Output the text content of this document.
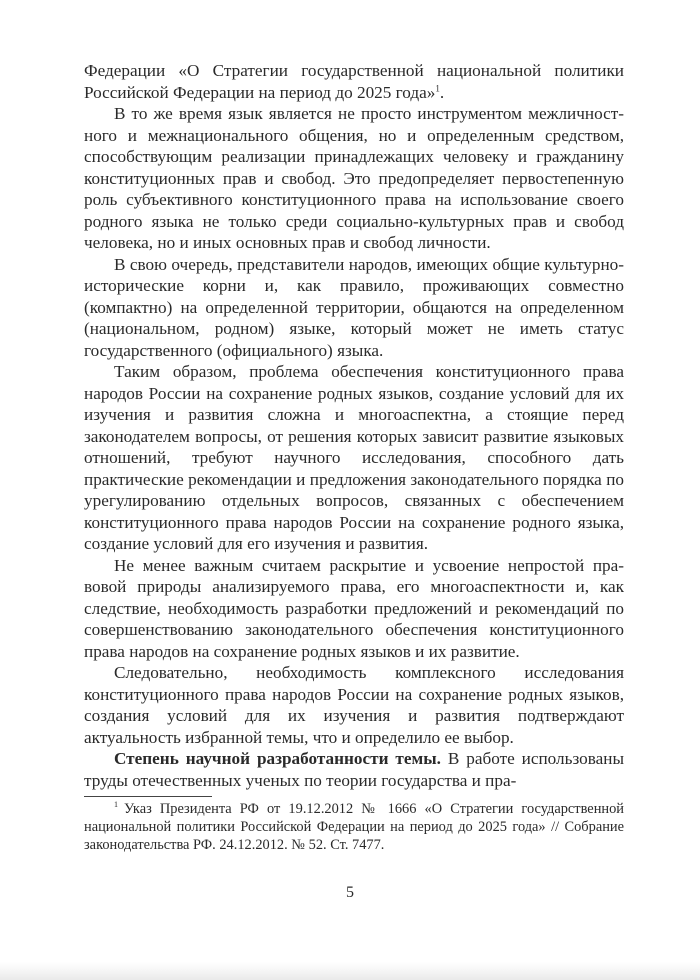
Федерации «О Стратегии государственной национальной политики Российской Федерации на период до 2025 года»$^1$.

В то же время язык является не просто инструментом межличностного и межнационального общения, но и определенным средством, способствующим реализации принадлежащих человеку и гражданину конституционных прав и свобод. Это предопределяет первостепенную роль субъективного конституционного права на использование своего родного языка не только среди социально-культурных прав и свобод человека, но и иных основных прав и свобод личности.

В свою очередь, представители народов, имеющих общие культурно-исторические корни и, как правило, проживающих совместно (компактно) на определенной территории, общаются на определенном (национальном, родном) языке, который может не иметь статус государственного (официального) языка.

Таким образом, проблема обеспечения конституционного права народов России на сохранение родных языков, создание условий для их изучения и развития сложна и многоаспектна, а стоящие перед законодателем вопросы, от решения которых зависит развитие языковых отношений, требуют научного исследования, способного дать практические рекомендации и предложения законодательного порядка по урегулированию отдельных вопросов, связанных с обеспечением конституционного права народов России на сохранение родного языка, создание условий для его изучения и развития.

Не менее важным считаем раскрытие и усвоение непростой правовой природы анализируемого права, его многоаспектности и, как следствие, необходимость разработки предложений и рекомендаций по совершенствованию законодательного обеспечения конституционного права народов на сохранение родных языков и их развитие.

Следовательно, необходимость комплексного исследования конституционного права народов России на сохранение родных языков, создания условий для их изучения и развития подтверждают актуальность избранной темы, что и определило ее выбор.

Степень научной разработанности темы. В работе использованы труды отечественных ученых по теории государства и пра-

$^1$ Указ Президента РФ от 19.12.2012 № 1666 «О Стратегии государственной национальной политики Российской Федерации на период до 2025 года» // Собрание законодательства РФ. 24.12.2012. № 52. Ст. 7477.
5
